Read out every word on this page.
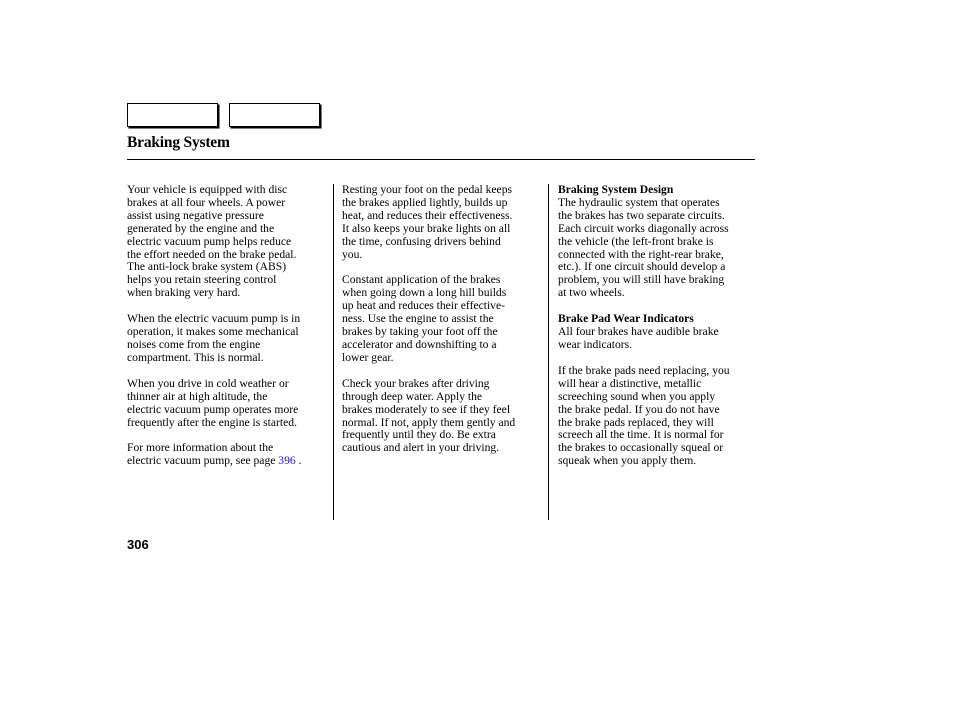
Braking System

Your vehicle is equipped with disc
brakes at all four wheels. A power
assist using negative pressure
generated by the engine and the
electric vacuum pump helps reduce
the effort needed on the brake pedal.
The anti-lock brake system (ABS)
helps you retain steering control
when braking very hard.

When the electric vacuum pump is in
operation, it makes some mechanical
noises come from the engine
compartment. This is normal.

When you drive in cold weather or
thinner air at high altitude, the
electric vacuum pump operates more
frequently after the engine is started.

For more information about the
electric vacuum pump, see page 396 .

Resting your foot on the pedal keeps
the brakes applied lightly, builds up
heat, and reduces their effectiveness.
It also keeps your brake lights on all
the time, confusing drivers behind
you.

Constant application of the brakes
when going down a long hill builds
up heat and reduces their effective-
ness. Use the engine to assist the
brakes by taking your foot off the
accelerator and downshifting to a
lower gear.

Check your brakes after driving
through deep water. Apply the
brakes moderately to see if they feel
normal. If not, apply them gently and
frequently until they do. Be extra
cautious and alert in your driving.

Braking System Design
The hydraulic system that operates
the brakes has two separate circuits.
Each circuit works diagonally across
the vehicle (the left-front brake is
connected with the right-rear brake,
etc.). If one circuit should develop a
problem, you will still have braking
at two wheels.

Brake Pad Wear Indicators
All four brakes have audible brake
wear indicators.

If the brake pads need replacing, you
will hear a distinctive, metallic
screeching sound when you apply
the brake pedal. If you do not have
the brake pads replaced, they will
screech all the time. It is normal for
the brakes to occasionally squeal or
squeak when you apply them.

306
